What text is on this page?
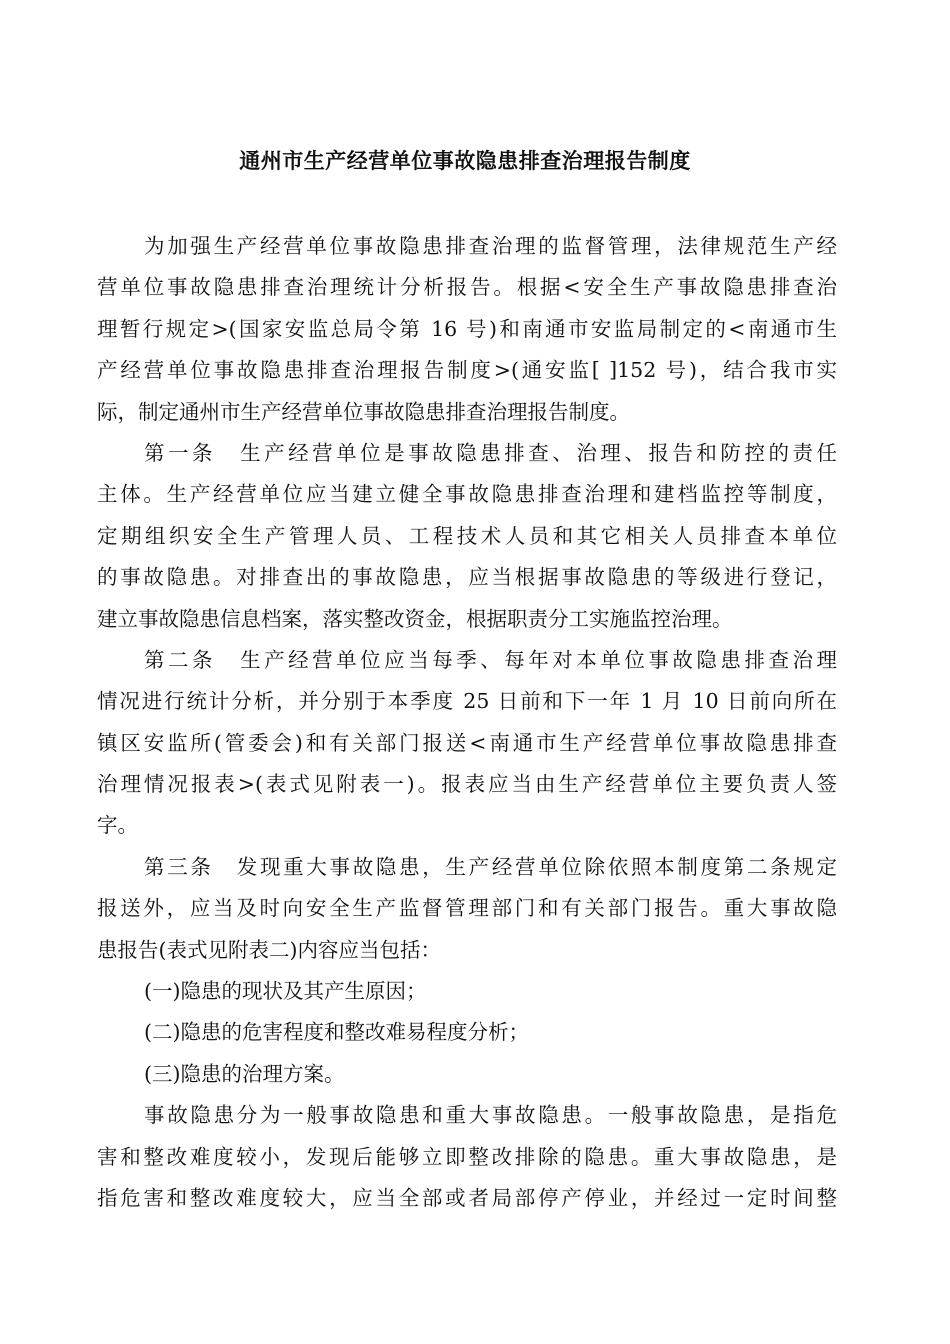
通州市生产经营单位事故隐患排查治理报告制度
为加强生产经营单位事故隐患排查治理的监督管理，法律规范生产经
营单位事故隐患排查治理统计分析报告。根据<安全生产事故隐患排查治
理暂行规定>(国家安监总局令第 16 号)和南通市安监局制定的<南通市生
产经营单位事故隐患排查治理报告制度>(通安监[ ]152 号)，结合我市实
际，制定通州市生产经营单位事故隐患排查治理报告制度。
第一条　生产经营单位是事故隐患排查、治理、报告和防控的责任
主体。生产经营单位应当建立健全事故隐患排查治理和建档监控等制度，
定期组织安全生产管理人员、工程技术人员和其它相关人员排查本单位
的事故隐患。对排查出的事故隐患，应当根据事故隐患的等级进行登记，
建立事故隐患信息档案，落实整改资金，根据职责分工实施监控治理。
第二条　生产经营单位应当每季、每年对本单位事故隐患排查治理
情况进行统计分析，并分别于本季度 25 日前和下一年 1 月 10 日前向所在
镇区安监所(管委会)和有关部门报送<南通市生产经营单位事故隐患排查
治理情况报表>(表式见附表一)。报表应当由生产经营单位主要负责人签
字。
第三条　发现重大事故隐患，生产经营单位除依照本制度第二条规定
报送外，应当及时向安全生产监督管理部门和有关部门报告。重大事故隐
患报告(表式见附表二)内容应当包括：
(一)隐患的现状及其产生原因；
(二)隐患的危害程度和整改难易程度分析；
(三)隐患的治理方案。
事故隐患分为一般事故隐患和重大事故隐患。一般事故隐患，是指危
害和整改难度较小，发现后能够立即整改排除的隐患。重大事故隐患，是
指危害和整改难度较大，应当全部或者局部停产停业，并经过一定时间整
